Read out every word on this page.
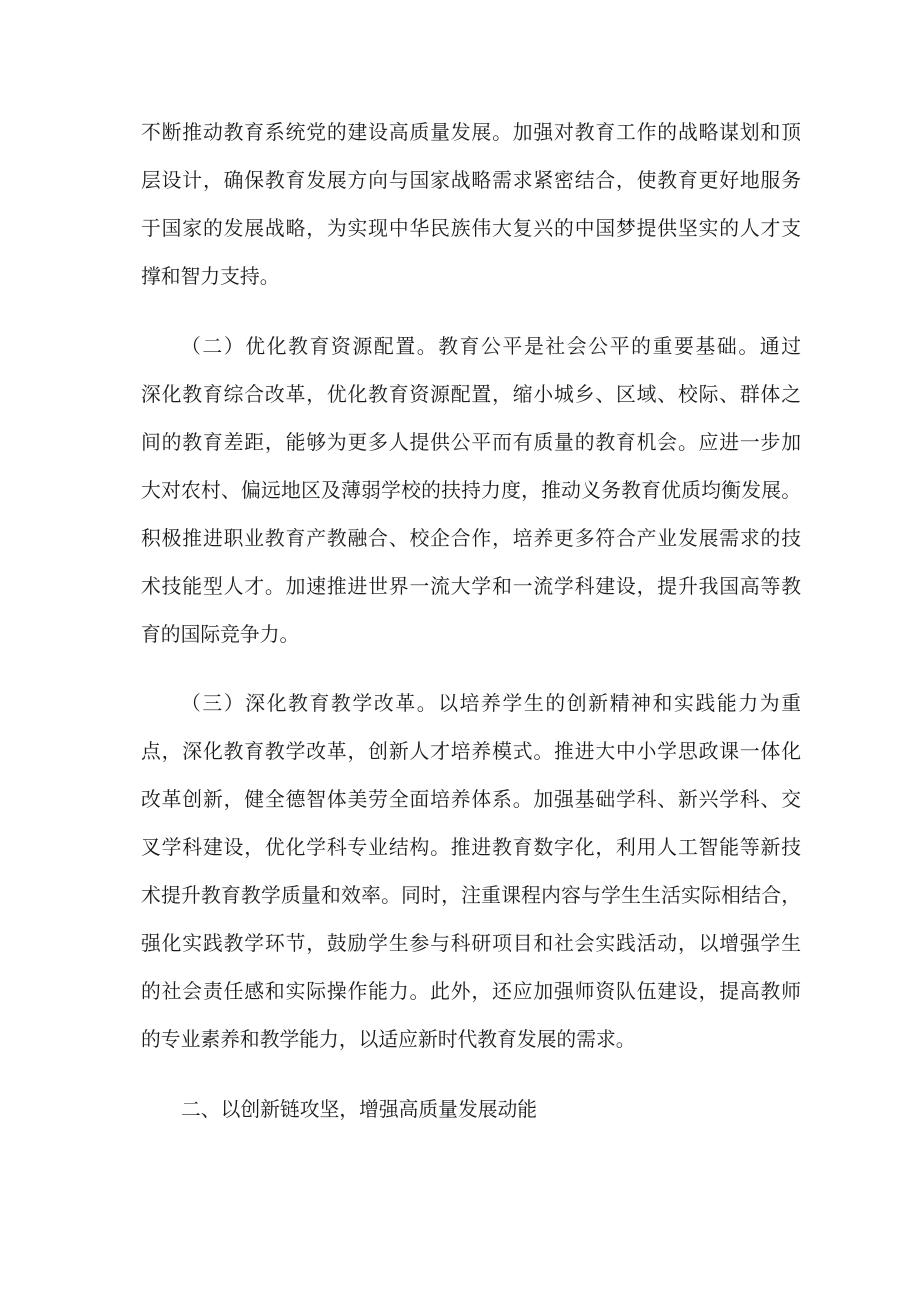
不断推动教育系统党的建设高质量发展。加强对教育工作的战略谋划和顶
层设计，确保教育发展方向与国家战略需求紧密结合，使教育更好地服务
于国家的发展战略，为实现中华民族伟大复兴的中国梦提供坚实的人才支
撑和智力支持。
（二）优化教育资源配置。教育公平是社会公平的重要基础。通过
深化教育综合改革，优化教育资源配置，缩小城乡、区域、校际、群体之
间的教育差距，能够为更多人提供公平而有质量的教育机会。应进一步加
大对农村、偏远地区及薄弱学校的扶持力度，推动义务教育优质均衡发展。
积极推进职业教育产教融合、校企合作，培养更多符合产业发展需求的技
术技能型人才。加速推进世界一流大学和一流学科建设，提升我国高等教
育的国际竞争力。
（三）深化教育教学改革。以培养学生的创新精神和实践能力为重
点，深化教育教学改革，创新人才培养模式。推进大中小学思政课一体化
改革创新，健全德智体美劳全面培养体系。加强基础学科、新兴学科、交
叉学科建设，优化学科专业结构。推进教育数字化，利用人工智能等新技
术提升教育教学质量和效率。同时，注重课程内容与学生生活实际相结合，
强化实践教学环节，鼓励学生参与科研项目和社会实践活动，以增强学生
的社会责任感和实际操作能力。此外，还应加强师资队伍建设，提高教师
的专业素养和教学能力，以适应新时代教育发展的需求。
二、以创新链攻坚，增强高质量发展动能
